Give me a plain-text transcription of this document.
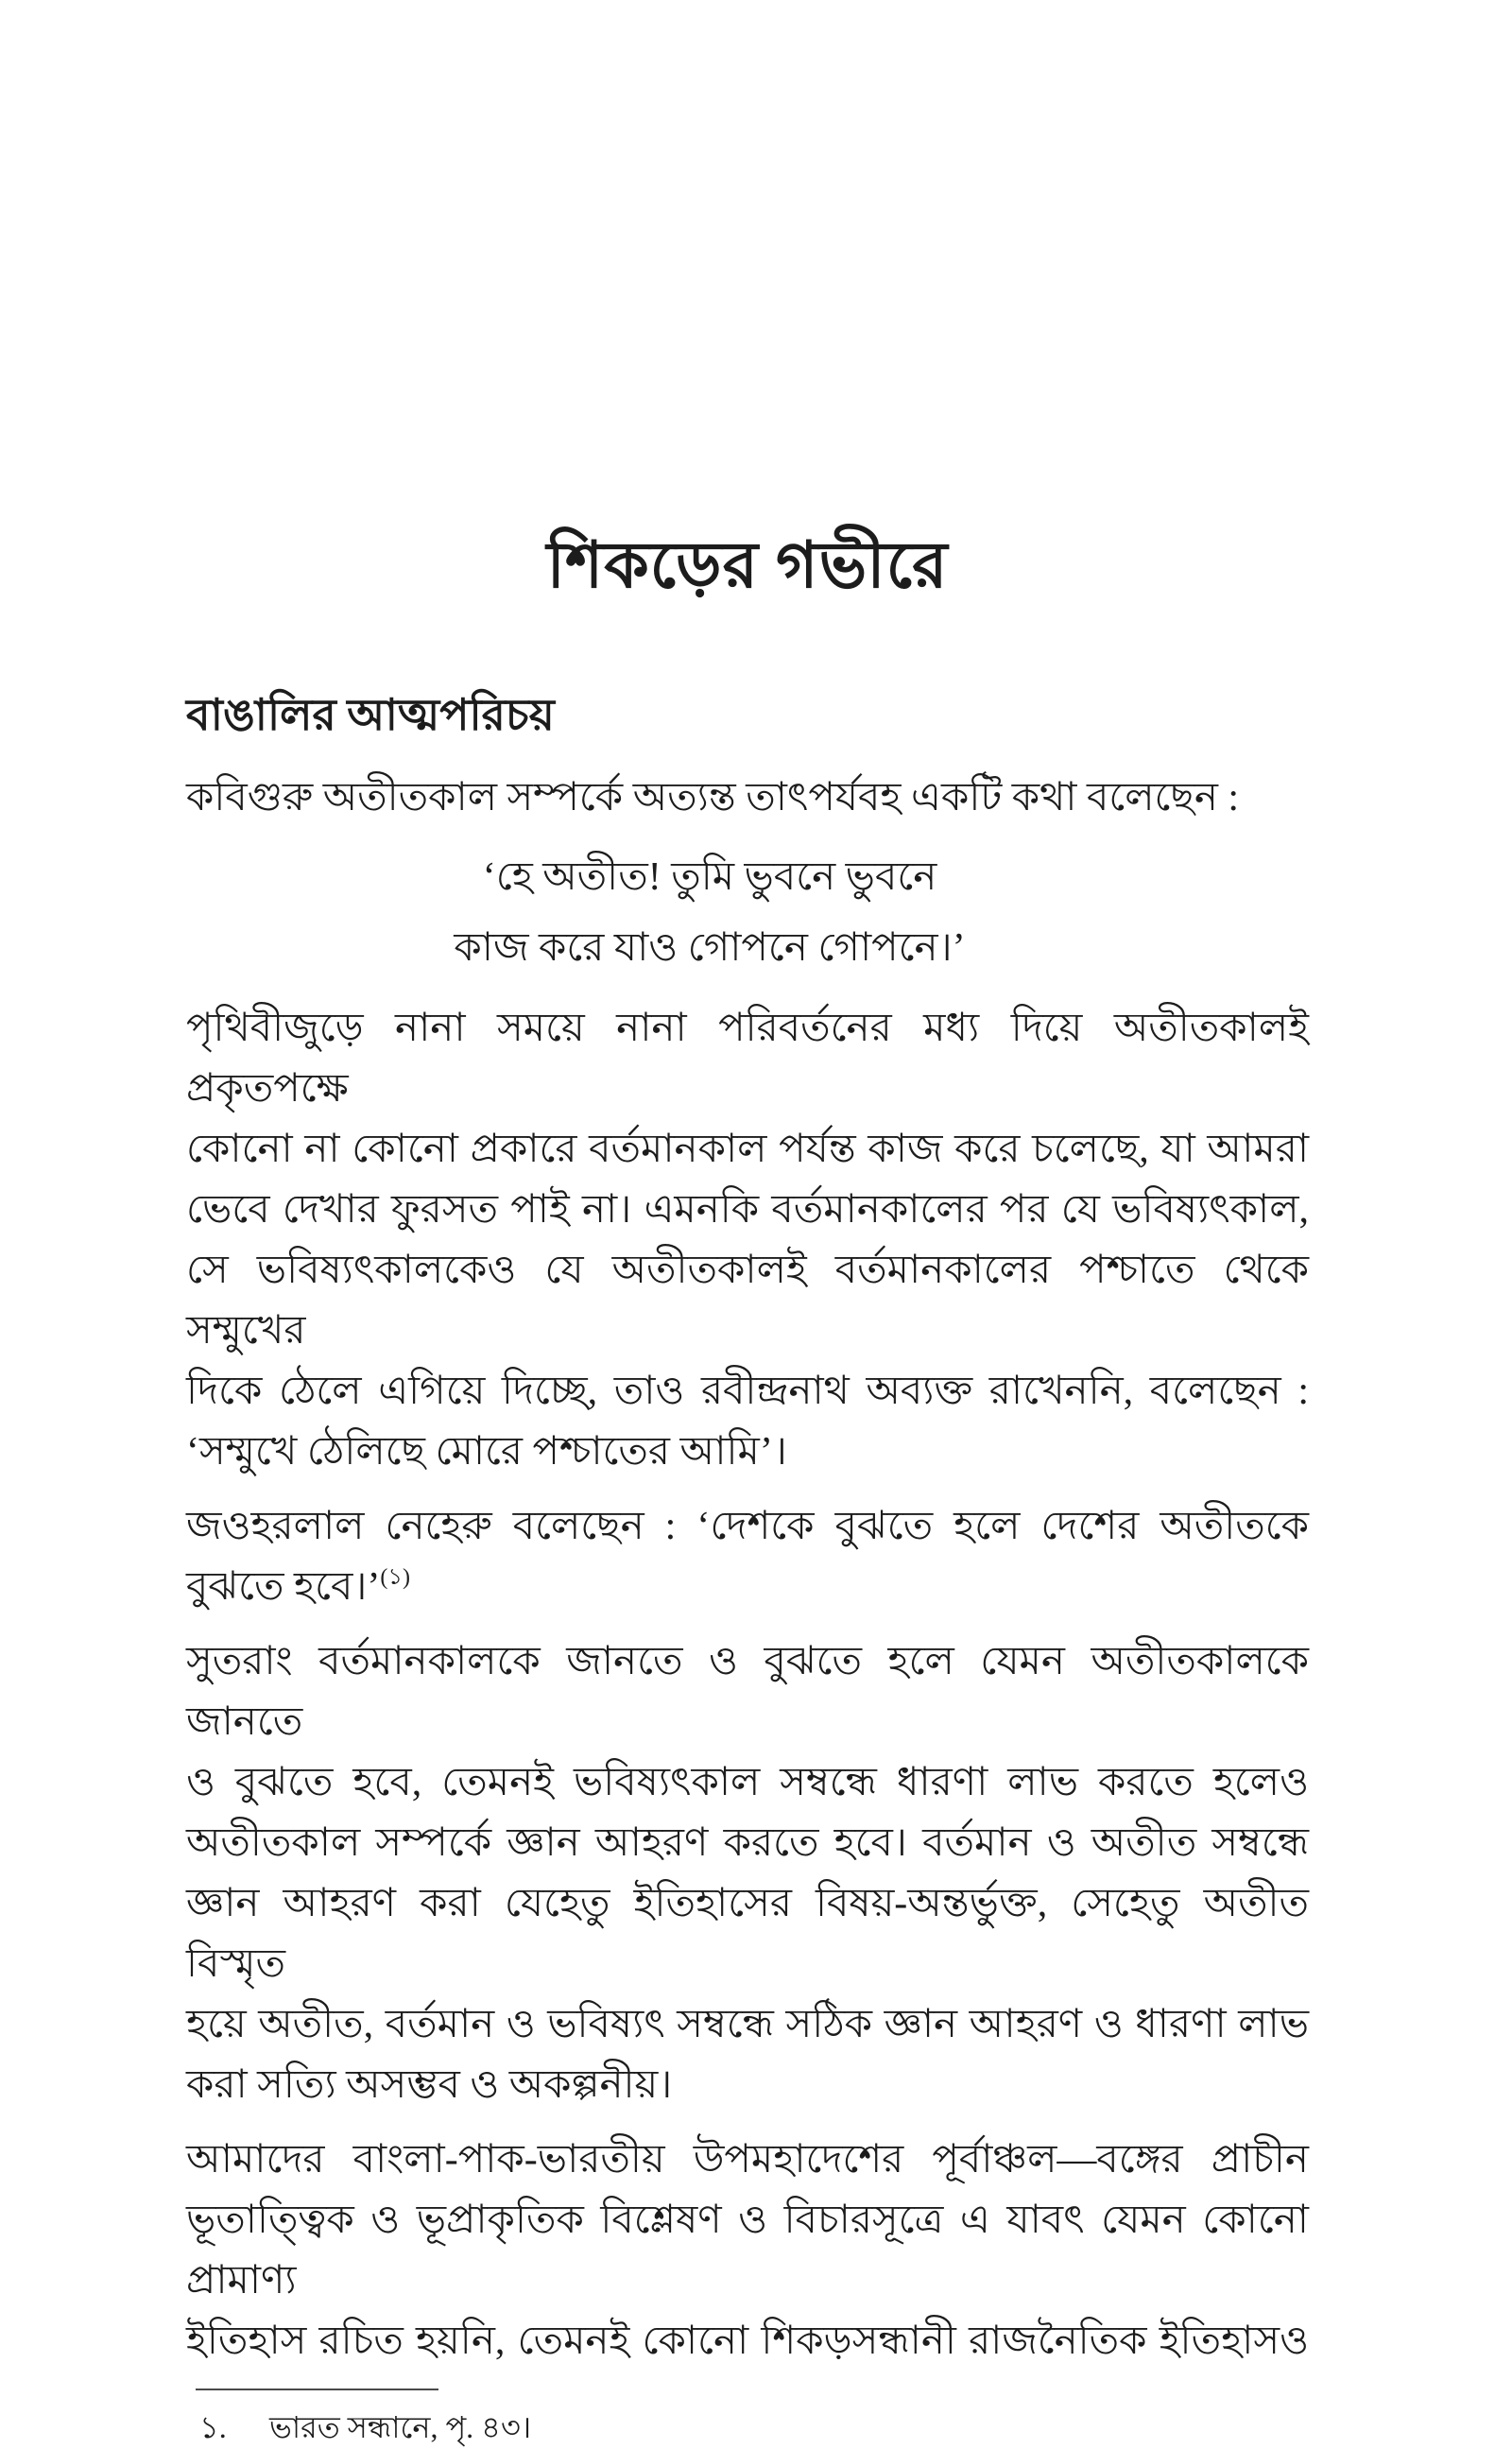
শিকড়ের গভীরে
বাঙালির আত্মপরিচয়
কবিগুরু অতীতকাল সম্পর্কে অত্যন্ত তাৎপর্যবহ একটি কথা বলেছেন :
‘হে অতীত! তুমি ভুবনে ভুবনে
কাজ করে যাও গোপনে গোপনে।’
পৃথিবীজুড়ে নানা সময়ে নানা পরিবর্তনের মধ্য দিয়ে অতীতকালই প্রকৃতপক্ষে
কোনো না কোনো প্রকারে বর্তমানকাল পর্যন্ত কাজ করে চলেছে, যা আমরা
ভেবে দেখার ফুরসত পাই না। এমনকি বর্তমানকালের পর যে ভবিষ্যৎকাল,
সে ভবিষ্যৎকালকেও যে অতীতকালই বর্তমানকালের পশ্চাতে থেকে সম্মুখের
দিকে ঠেলে এগিয়ে দিচ্ছে, তাও রবীন্দ্রনাথ অব্যক্ত রাখেননি, বলেছেন :
‘সম্মুখে ঠেলিছে মোরে পশ্চাতের আমি’।
জওহরলাল নেহেরু বলেছেন : ‘দেশকে বুঝতে হলে দেশের অতীতকে
বুঝতে হবে।’$^{(১)}$
সুতরাং বর্তমানকালকে জানতে ও বুঝতে হলে যেমন অতীতকালকে জানতে
ও বুঝতে হবে, তেমনই ভবিষ্যৎকাল সম্বন্ধে ধারণা লাভ করতে হলেও
অতীতকাল সম্পর্কে জ্ঞান আহরণ করতে হবে। বর্তমান ও অতীত সম্বন্ধে
জ্ঞান আহরণ করা যেহেতু ইতিহাসের বিষয়-অন্তর্ভুক্ত, সেহেতু অতীত বিস্মৃত
হয়ে অতীত, বর্তমান ও ভবিষ্যৎ সম্বন্ধে সঠিক জ্ঞান আহরণ ও ধারণা লাভ
করা সত্যি অসম্ভব ও অকল্পনীয়।
আমাদের বাংলা-পাক-ভারতীয় উপমহাদেশের পূর্বাঞ্চল—বঙ্গের প্রাচীন
ভূতাত্ত্বিক ও ভূপ্রাকৃতিক বিশ্লেষণ ও বিচারসূত্রে এ যাবৎ যেমন কোনো প্রামাণ্য
ইতিহাস রচিত হয়নি, তেমনই কোনো শিকড়সন্ধানী রাজনৈতিক ইতিহাসও
১.	ভারত সন্ধানে, পৃ. ৪৩।
